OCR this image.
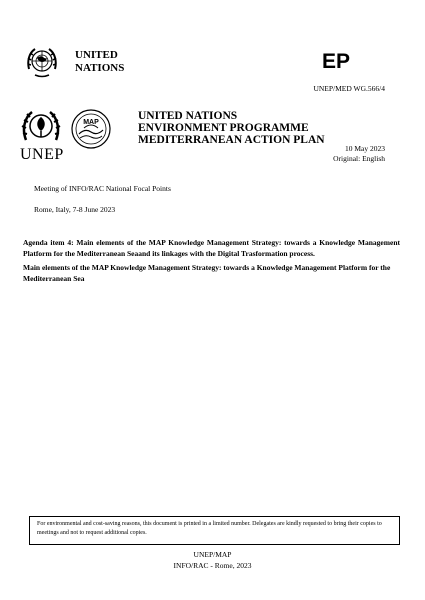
UNITED
NATIONS	EP
UNEP/MED WG.566/4
UNEP
MAP
UNITED NATIONS
ENVIRONMENT PROGRAMME
MEDITERRANEAN ACTION PLAN
10 May 2023
Original: English
Meeting of INFO/RAC National Focal Points
Rome, Italy, 7-8 June 2023
Agenda item 4: Main elements of the MAP Knowledge Management Strategy: towards a Knowledge Management Platform for the Mediterranean Seaand its linkages with the Digital Trasformation process.
Main elements of the MAP Knowledge Management Strategy: towards a Knowledge Management Platform for the Mediterranean Sea
For environmental and cost-saving reasons, this document is printed in a limited number. Delegates are kindly requested to bring their copies to meetings and not to request additional copies.
UNEP/MAP
INFO/RAC - Rome, 2023
